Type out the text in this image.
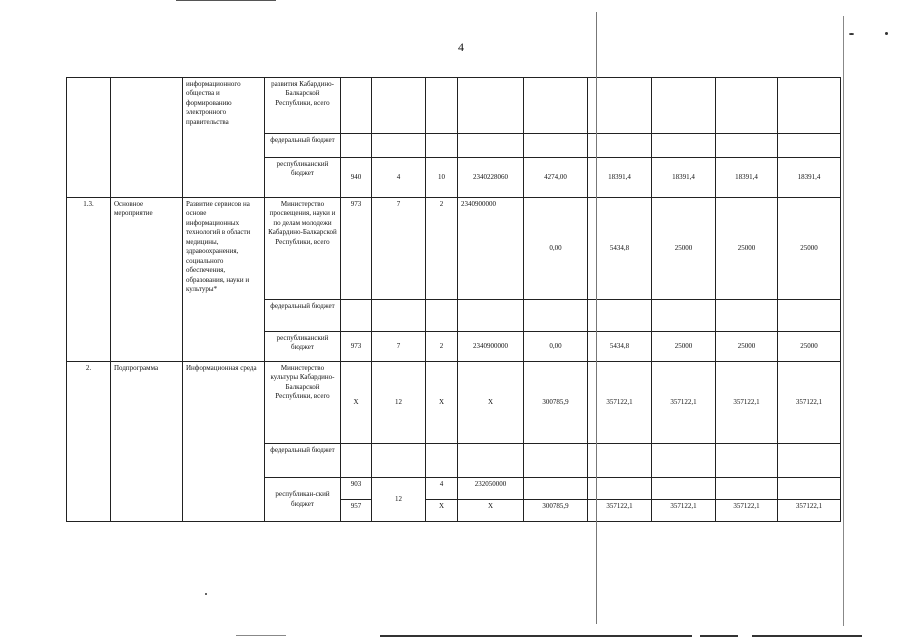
4
		информационного общества и формированию электронного правительства	развития Кабардино-Балкарской Республики, всего									
			федеральный бюджет									
			республиканский бюджет	940	4	10	2340228060	4274,00	18391,4	18391,4	18391,4	18391,4
1.3.	Основное мероприятие	Развитие сервисов на основе информационных технологий в области медицины, здравоохранения, социального обеспечения, образования, науки и культуры*	Министерство просвещения, науки и по делам молодежи Кабардино-Балкарской Республики, всего	973	7	2	2340900000	0,00	5434,8	25000	25000	25000
			федеральный бюджет									
			республиканский бюджет	973	7	2	2340900000	0,00	5434,8	25000	25000	25000
2.	Подпрограмма	Информационная среда	Министерство культуры Кабардино-Балкарской Республики, всего	Х	12	Х	Х	300785,9	357122,1	357122,1	357122,1	357122,1
			федеральный бюджет									
			республикан-ский бюджет	903	12	4	232050000					
				957		Х	Х	300785,9	357122,1	357122,1	357122,1	357122,1
